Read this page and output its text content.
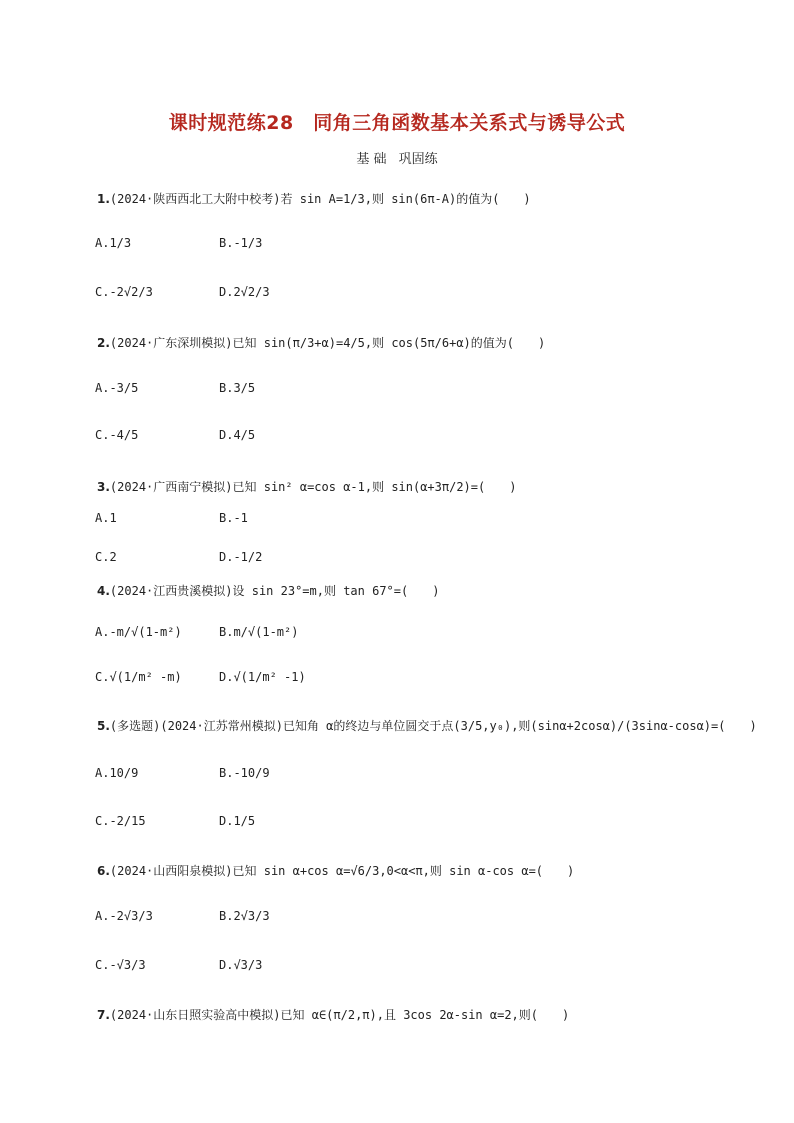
课时规范练28　同角三角函数基本关系式与诱导公式
基 础 巩固练
1.(2024·陕西西北工大附中校考)若 sin A=1/3,则 sin(6π-A)的值为(　　)
A.1/3	B.-1/3
C.-2√2/3	D.2√2/3
2.(2024·广东深圳模拟)已知 sin(π/3+α)=4/5,则 cos(5π/6+α)的值为(　　)
A.-3/5	B.3/5
C.-4/5	D.4/5
3.(2024·广西南宁模拟)已知 sin² α=cos α-1,则 sin(α+3π/2)=(　　)
A.1	B.-1
C.2	D.-1/2
4.(2024·江西贵溪模拟)设 sin 23°=m,则 tan 67°=(　　)
A.-m/√(1-m²)	B.m/√(1-m²)
C.√(1/m² -m)	D.√(1/m² -1)
5.(多选题)(2024·江苏常州模拟)已知角 α的终边与单位圆交于点(3/5,y₀),则(sinα+2cosα)/(3sinα-cosα)=(　　)
A.10/9	B.-10/9
C.-2/15	D.1/5
6.(2024·山西阳泉模拟)已知 sin α+cos α=√6/3,0<α<π,则 sin α-cos α=(　　)
A.-2√3/3	B.2√3/3
C.-√3/3	D.√3/3
7.(2024·山东日照实验高中模拟)已知 α∈(π/2,π),且 3cos 2α-sin α=2,则(　　)
